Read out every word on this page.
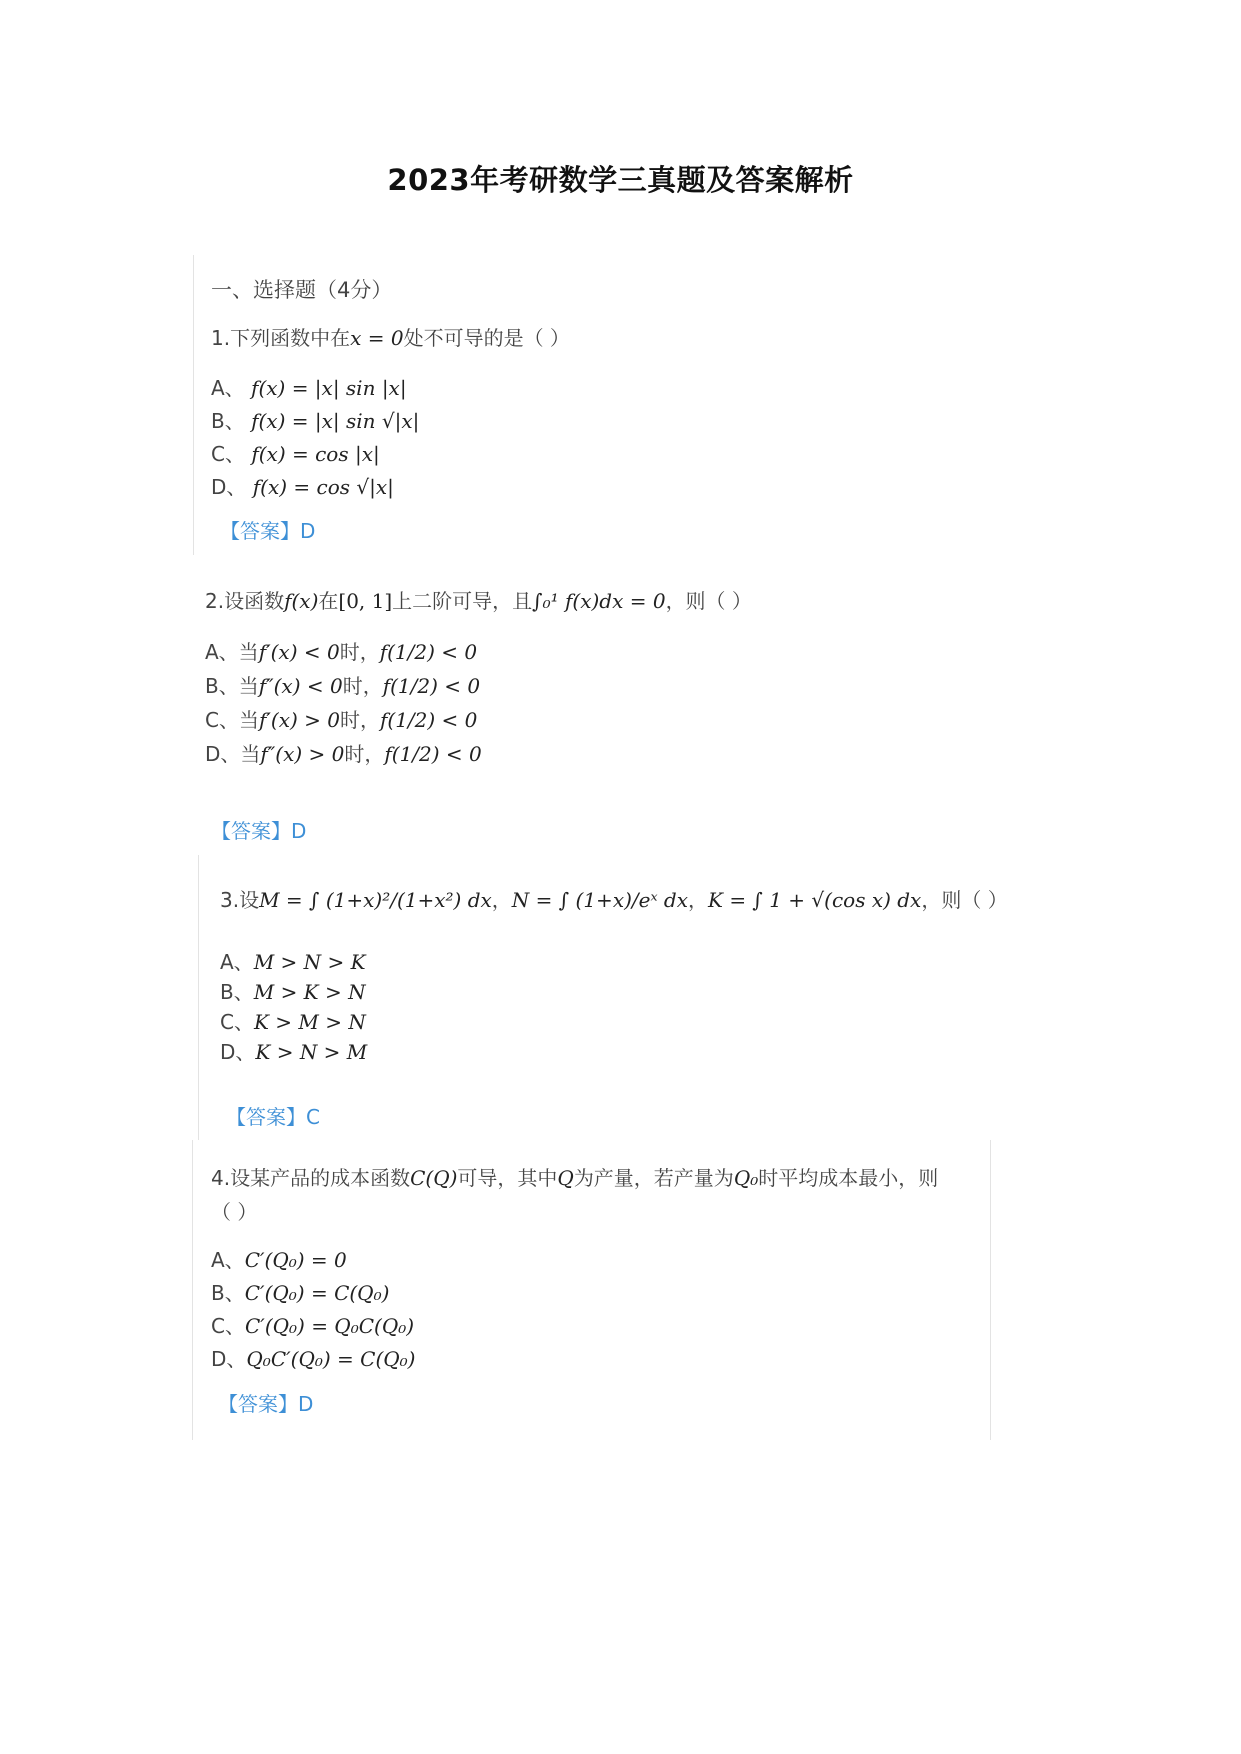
2023年考研数学三真题及答案解析
一、选择题（4分）
1.下列函数中在x = 0处不可导的是（ ）
A、 f(x) = |x| sin |x|
B、 f(x) = |x| sin √|x|
C、 f(x) = cos |x|
D、 f(x) = cos √|x|
【答案】D
2.设函数f(x)在[0, 1]上二阶可导，且∫₀¹ f(x)dx = 0，则（ ）
A、当f′(x) < 0时，f(1/2) < 0
B、当f″(x) < 0时，f(1/2) < 0
C、当f′(x) > 0时，f(1/2) < 0
D、当f″(x) > 0时，f(1/2) < 0
【答案】D
3.设M = ∫ (1+x)²/(1+x²) dx，N = ∫ (1+x)/eˣ dx，K = ∫ 1 + √(cos x) dx，则（ ）
A、M > N > K
B、M > K > N
C、K > M > N
D、K > N > M
【答案】C
4.设某产品的成本函数C(Q)可导，其中Q为产量，若产量为Q₀时平均成本最小，则
（ ）
A、C′(Q₀) = 0
B、C′(Q₀) = C(Q₀)
C、C′(Q₀) = Q₀C(Q₀)
D、Q₀C′(Q₀) = C(Q₀)
【答案】D
